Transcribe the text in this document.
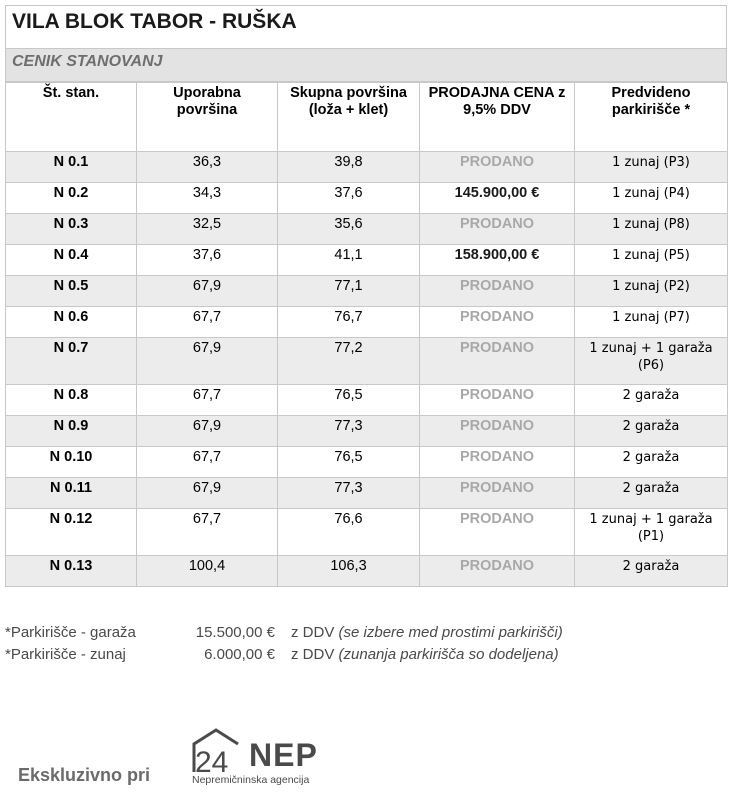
VILA BLOK TABOR - RUŠKA
CENIK STANOVANJ
Št. stan.	Uporabna površina	Skupna površina (loža + klet)	PRODAJNA CENA z 9,5% DDV	Predvideno parkirišče *
N 0.1	36,3	39,8	PRODANO	1 zunaj (P3)
N 0.2	34,3	37,6	145.900,00 €	1 zunaj (P4)
N 0.3	32,5	35,6	PRODANO	1 zunaj (P8)
N 0.4	37,6	41,1	158.900,00 €	1 zunaj (P5)
N 0.5	67,9	77,1	PRODANO	1 zunaj (P2)
N 0.6	67,7	76,7	PRODANO	1 zunaj (P7)
N 0.7	67,9	77,2	PRODANO	1 zunaj + 1 garaža (P6)
N 0.8	67,7	76,5	PRODANO	2 garaža
N 0.9	67,9	77,3	PRODANO	2 garaža
N 0.10	67,7	76,5	PRODANO	2 garaža
N 0.11	67,9	77,3	PRODANO	2 garaža
N 0.12	67,7	76,6	PRODANO	1 zunaj + 1 garaža (P1)
N 0.13	100,4	106,3	PRODANO	2 garaža
*Parkirišče - garaža	15.500,00 € z DDV (se izbere med prostimi parkirišči)
*Parkirišče - zunaj	6.000,00 € z DDV (zunanja parkirišča so dodeljena)
Ekskluzivno pri 24 NEP
Nepremičninska agencija
